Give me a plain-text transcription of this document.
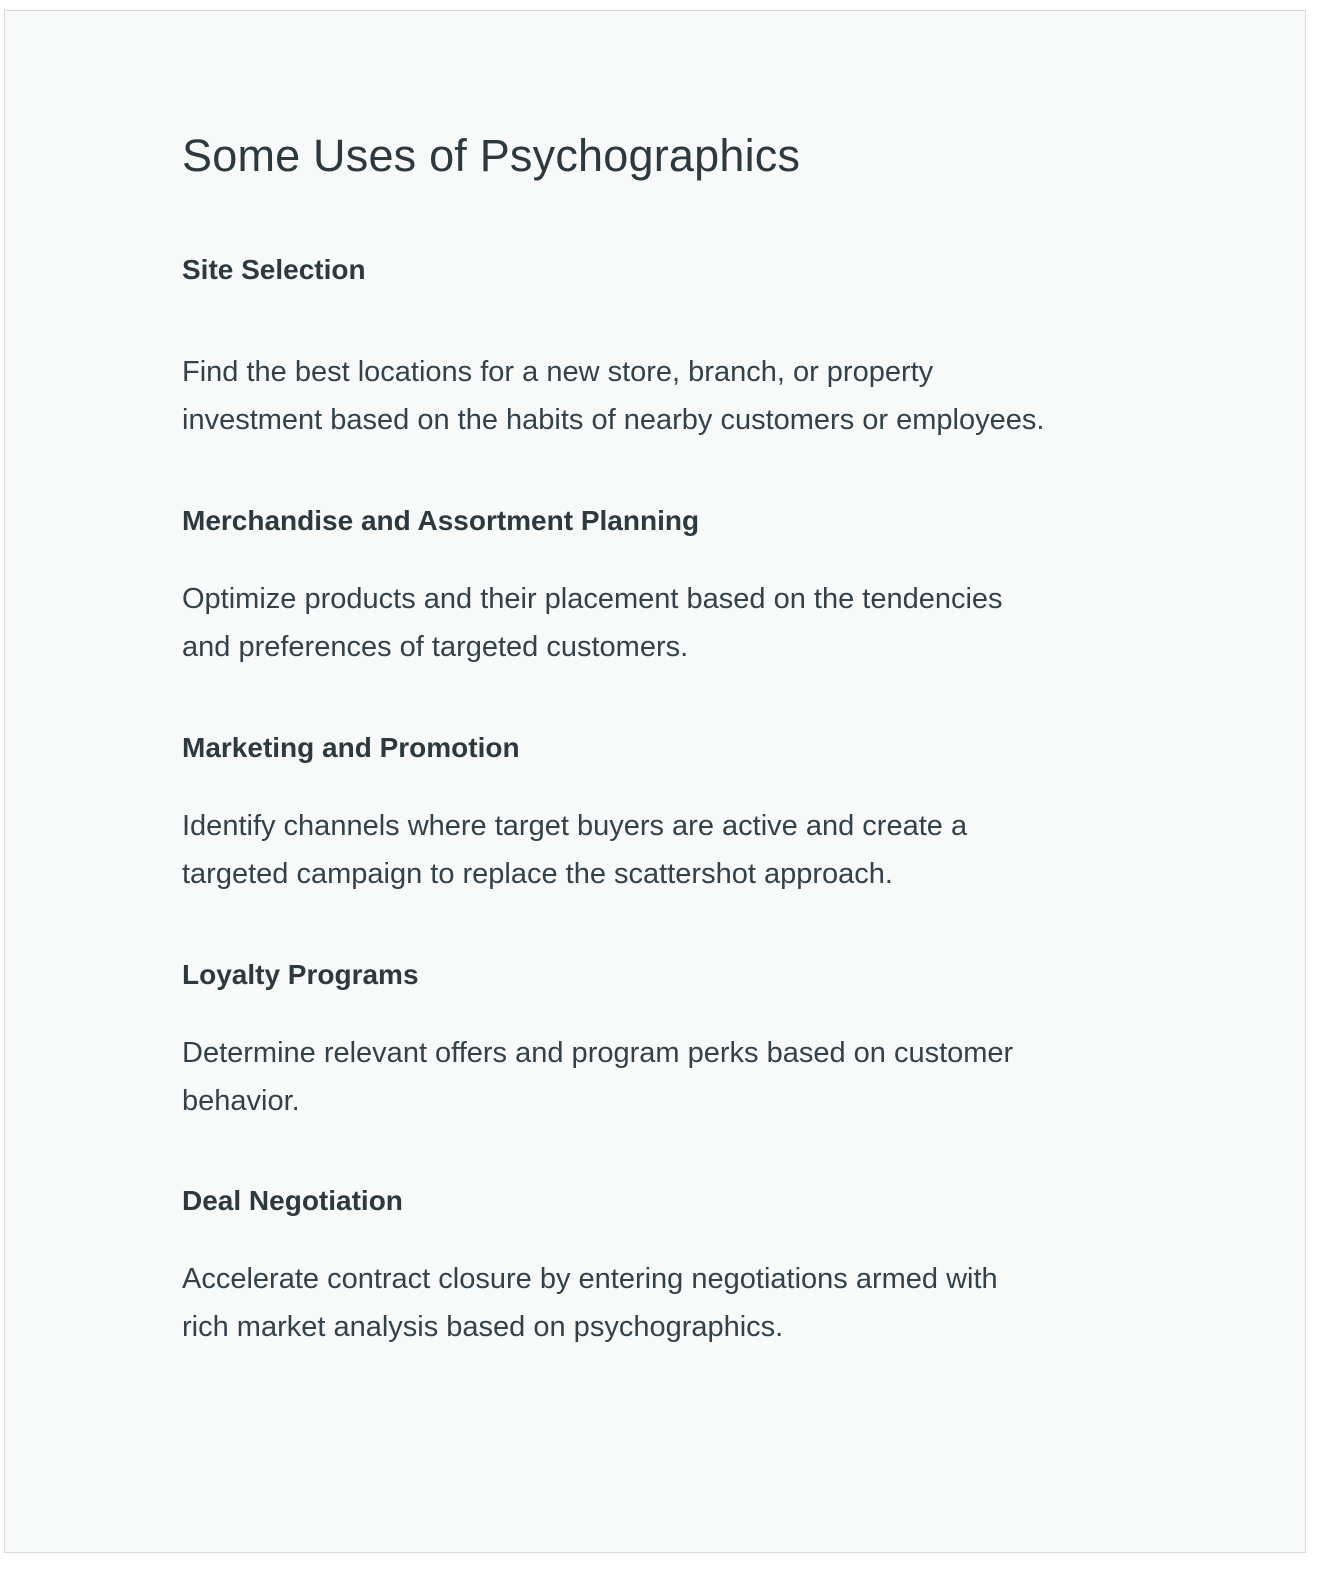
Some Uses of Psychographics
Site Selection

Find the best locations for a new store, branch, or property
investment based on the habits of nearby customers or employees.

Merchandise and Assortment Planning

Optimize products and their placement based on the tendencies
and preferences of targeted customers.

Marketing and Promotion

Identify channels where target buyers are active and create a
targeted campaign to replace the scattershot approach.

Loyalty Programs

Determine relevant offers and program perks based on customer
behavior.

Deal Negotiation

Accelerate contract closure by entering negotiations armed with
rich market analysis based on psychographics.
